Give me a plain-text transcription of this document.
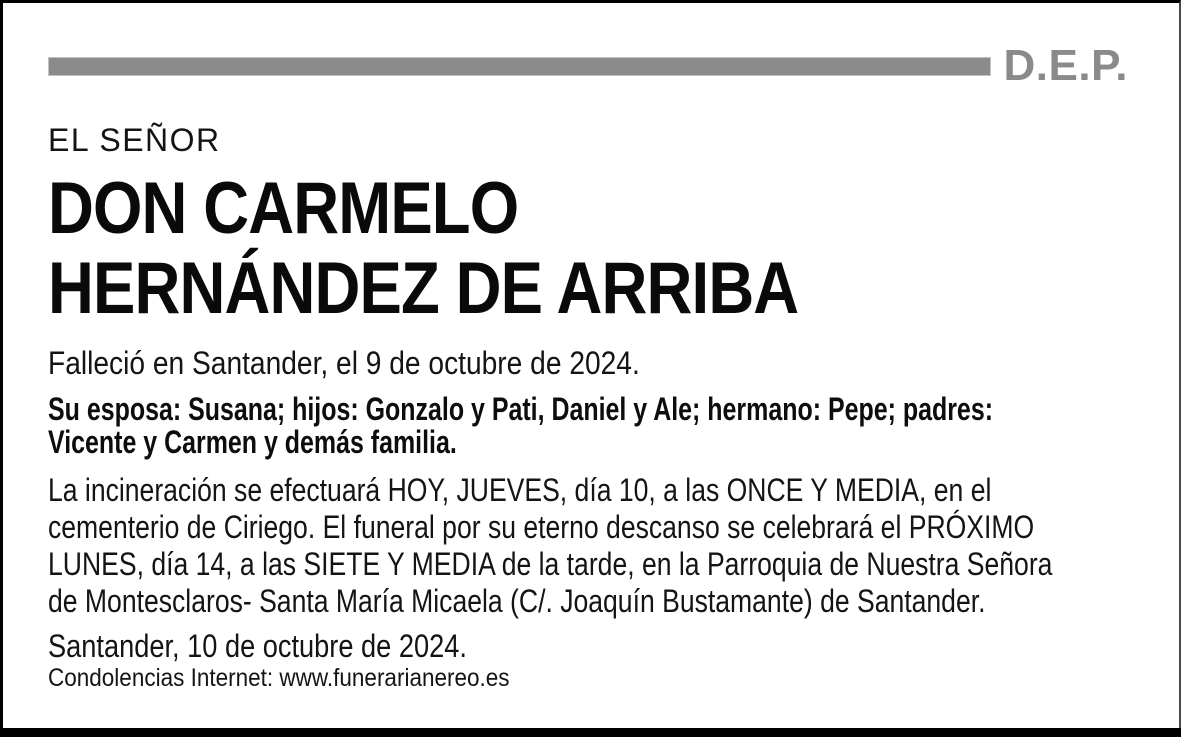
D.E.P.
EL SEÑOR
DON CARMELO
HERNÁNDEZ DE ARRIBA
Falleció en Santander, el 9 de octubre de 2024.
Su esposa: Susana; hijos: Gonzalo y Pati, Daniel y Ale; hermano: Pepe; padres:
Vicente y Carmen y demás familia.
La incineración se efectuará HOY, JUEVES, día 10, a las ONCE Y MEDIA, en el
cementerio de Ciriego. El funeral por su eterno descanso se celebrará el PRÓXIMO
LUNES, día 14, a las SIETE Y MEDIA de la tarde, en la Parroquia de Nuestra Señora
de Montesclaros- Santa María Micaela (C/. Joaquín Bustamante) de Santander.
Santander, 10 de octubre de 2024.
Condolencias Internet: www.funerarianereo.es
